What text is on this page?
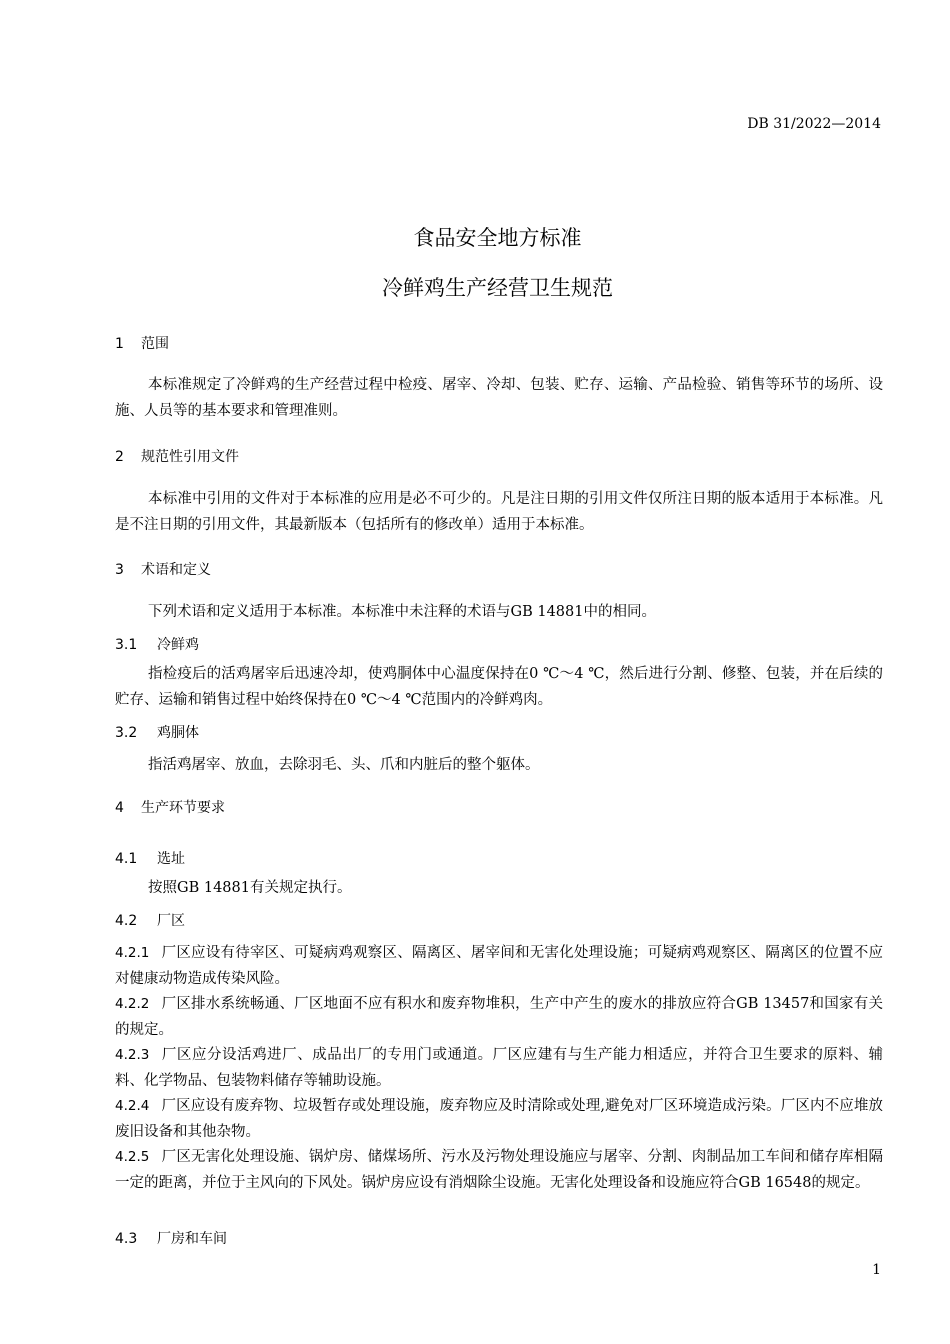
DB 31/2022—2014
食品安全地方标准
冷鲜鸡生产经营卫生规范
1 范围
本标准规定了冷鲜鸡的生产经营过程中检疫、屠宰、冷却、包装、贮存、运输、产品检验、销售等环节的场所、设施、人员等的基本要求和管理准则。
2 规范性引用文件
本标准中引用的文件对于本标准的应用是必不可少的。凡是注日期的引用文件仅所注日期的版本适用于本标准。凡是不注日期的引用文件，其最新版本（包括所有的修改单）适用于本标准。
3 术语和定义
下列术语和定义适用于本标准。本标准中未注释的术语与GB 14881中的相同。
3.1 冷鲜鸡
指检疫后的活鸡屠宰后迅速冷却，使鸡胴体中心温度保持在0 ℃～4 ℃，然后进行分割、修整、包装，并在后续的贮存、运输和销售过程中始终保持在0 ℃～4 ℃范围内的冷鲜鸡肉。
3.2 鸡胴体
指活鸡屠宰、放血，去除羽毛、头、爪和内脏后的整个躯体。
4 生产环节要求
4.1 选址
按照GB 14881有关规定执行。
4.2 厂区
4.2.1 厂区应设有待宰区、可疑病鸡观察区、隔离区、屠宰间和无害化处理设施；可疑病鸡观察区、隔离区的位置不应对健康动物造成传染风险。
4.2.2 厂区排水系统畅通、厂区地面不应有积水和废弃物堆积，生产中产生的废水的排放应符合GB 13457和国家有关的规定。
4.2.3 厂区应分设活鸡进厂、成品出厂的专用门或通道。厂区应建有与生产能力相适应，并符合卫生要求的原料、辅料、化学物品、包装物料储存等辅助设施。
4.2.4 厂区应设有废弃物、垃圾暂存或处理设施，废弃物应及时清除或处理,避免对厂区环境造成污染。厂区内不应堆放废旧设备和其他杂物。
4.2.5 厂区无害化处理设施、锅炉房、储煤场所、污水及污物处理设施应与屠宰、分割、肉制品加工车间和储存库相隔一定的距离，并位于主风向的下风处。锅炉房应设有消烟除尘设施。无害化处理设备和设施应符合GB 16548的规定。
4.3 厂房和车间
1
